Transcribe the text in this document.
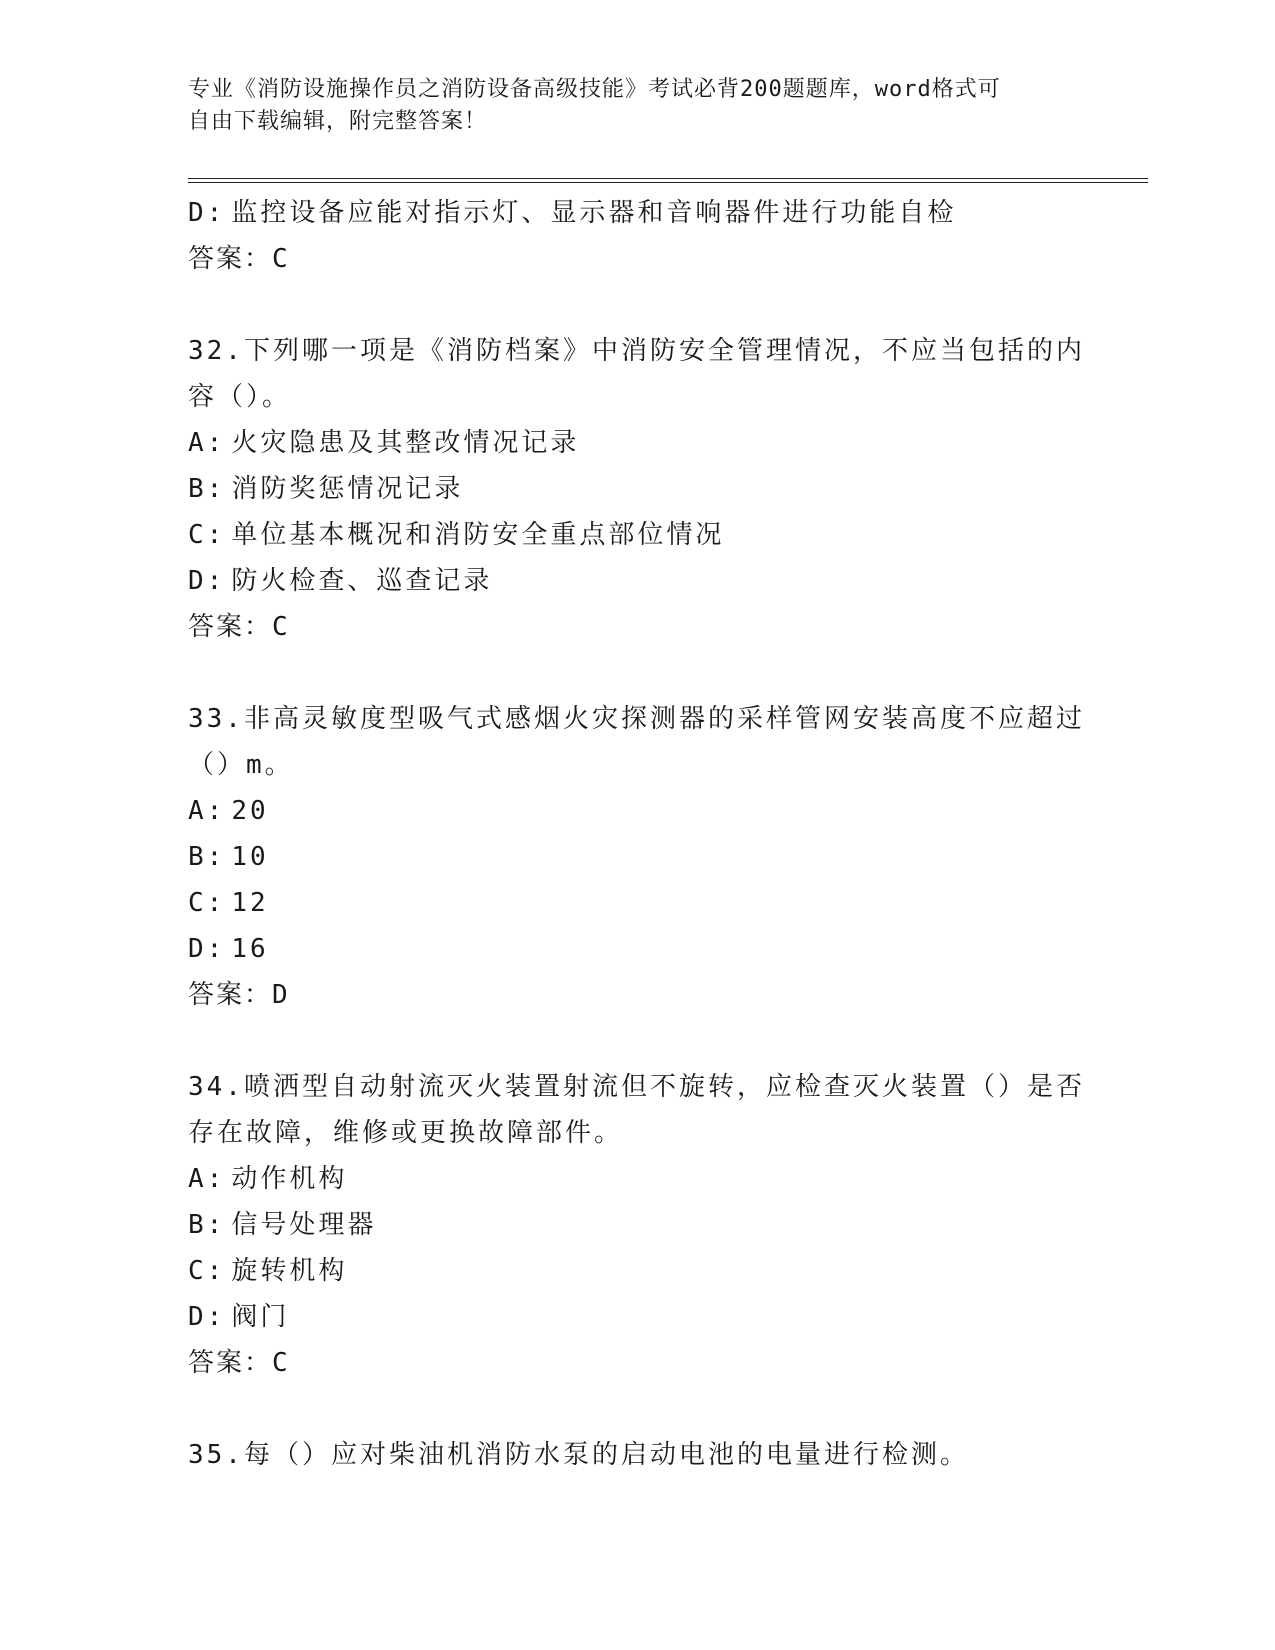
专业《消防设施操作员之消防设备高级技能》考试必背200题题库，word格式可
自由下载编辑，附完整答案！
D: 监控设备应能对指示灯、显示器和音响器件进行功能自检
答案：C
32.下列哪一项是《消防档案》中消防安全管理情况，不应当包括的内
容（）。
A: 火灾隐患及其整改情况记录
B: 消防奖惩情况记录
C: 单位基本概况和消防安全重点部位情况
D: 防火检查、巡查记录
答案：C
33.非高灵敏度型吸气式感烟火灾探测器的采样管网安装高度不应超过
（）m。
A: 20
B: 10
C: 12
D: 16
答案：D
34.喷洒型自动射流灭火装置射流但不旋转，应检查灭火装置（）是否
存在故障，维修或更换故障部件。
A: 动作机构
B: 信号处理器
C: 旋转机构
D: 阀门
答案：C
35.每（）应对柴油机消防水泵的启动电池的电量进行检测。
